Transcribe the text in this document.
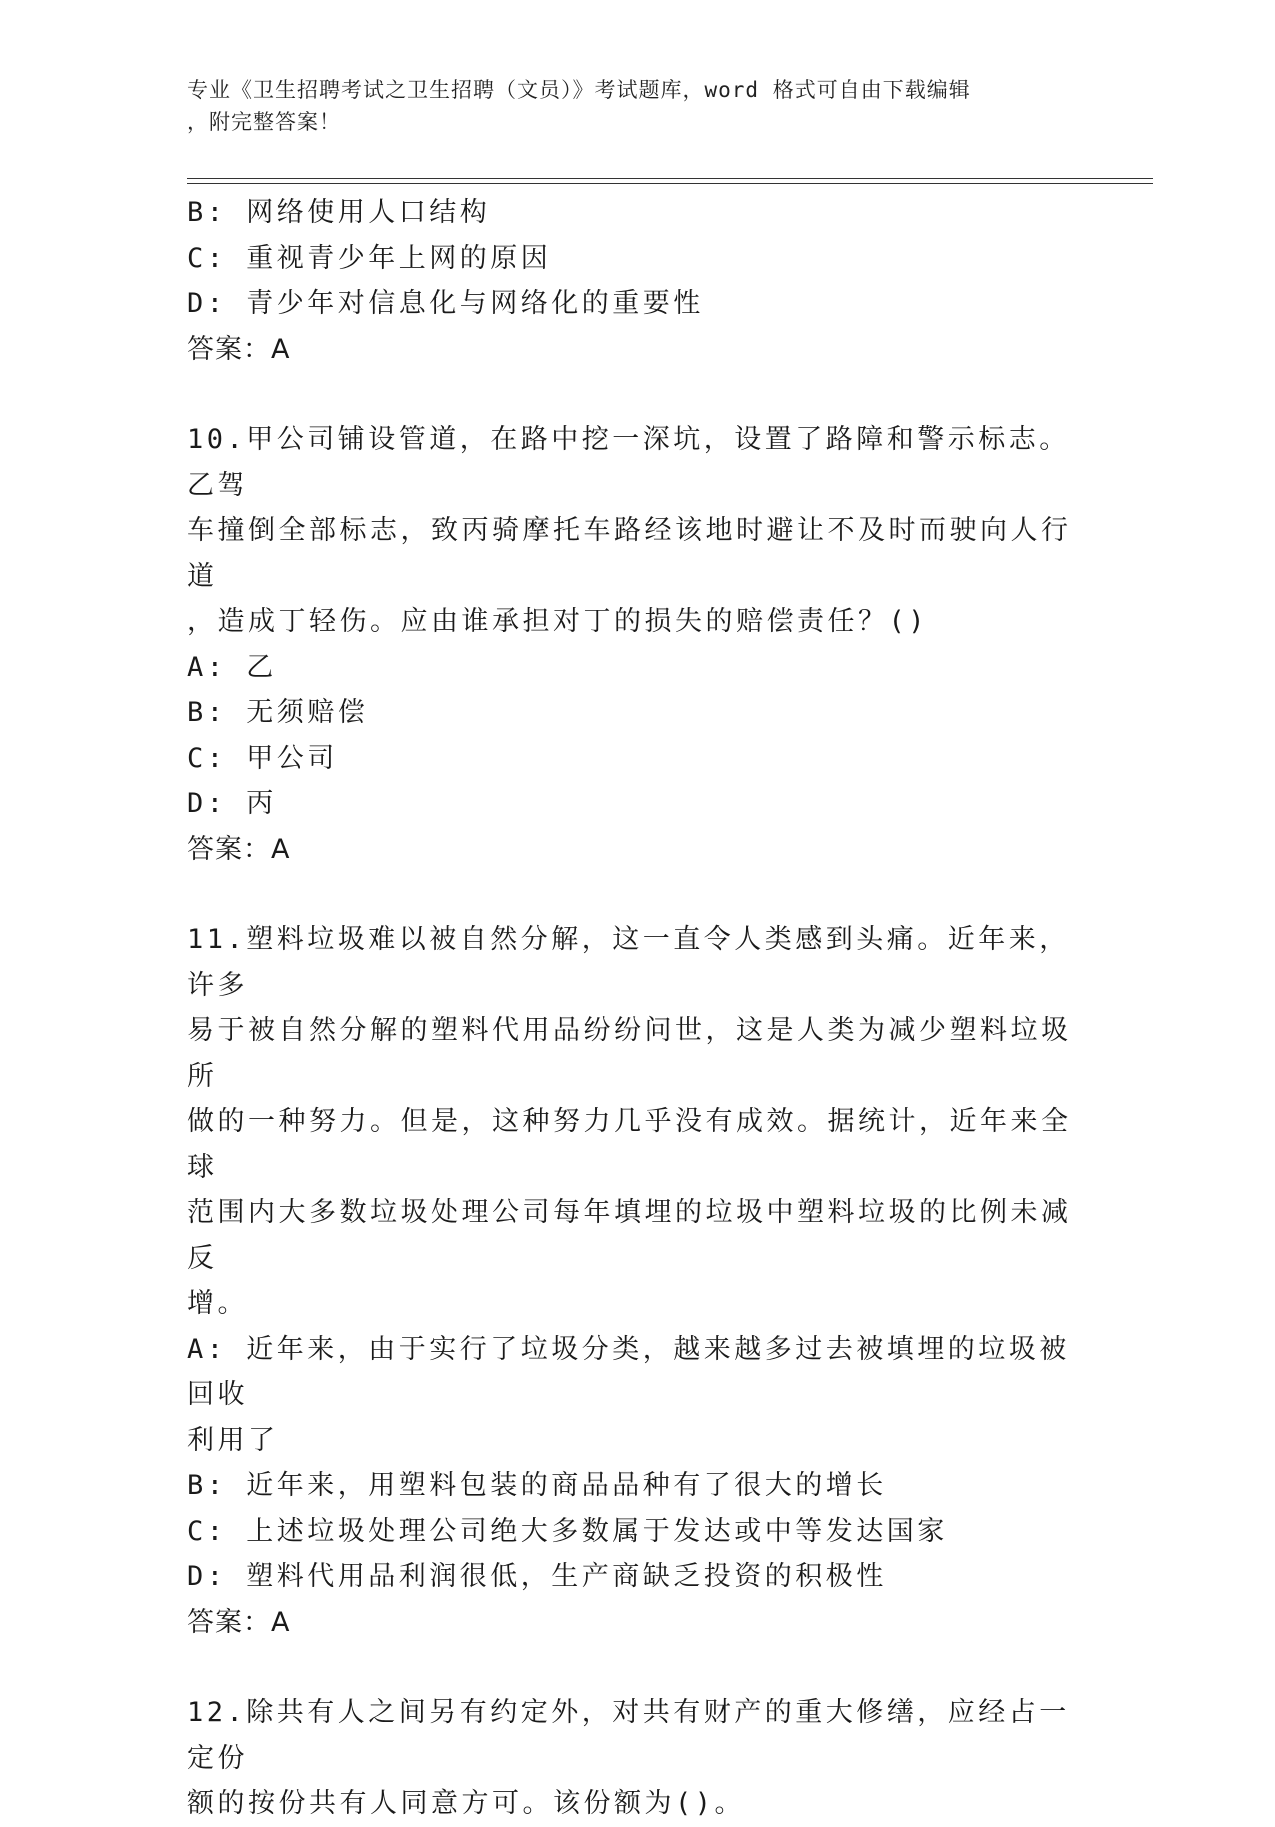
专业《卫生招聘考试之卫生招聘（文员）》考试题库，word 格式可自由下载编辑
，附完整答案！
B: 网络使用人口结构
C: 重视青少年上网的原因
D: 青少年对信息化与网络化的重要性
答案：A
10.甲公司铺设管道，在路中挖一深坑，设置了路障和警示标志。乙驾
车撞倒全部标志，致丙骑摩托车路经该地时避让不及时而驶向人行道
，造成丁轻伤。应由谁承担对丁的损失的赔偿责任？()
A: 乙
B: 无须赔偿
C: 甲公司
D: 丙
答案：A
11.塑料垃圾难以被自然分解，这一直令人类感到头痛。近年来，许多
易于被自然分解的塑料代用品纷纷问世，这是人类为减少塑料垃圾所
做的一种努力。但是，这种努力几乎没有成效。据统计，近年来全球
范围内大多数垃圾处理公司每年填埋的垃圾中塑料垃圾的比例未减反
增。
A: 近年来，由于实行了垃圾分类，越来越多过去被填埋的垃圾被回收
利用了
B: 近年来，用塑料包装的商品品种有了很大的增长
C: 上述垃圾处理公司绝大多数属于发达或中等发达国家
D: 塑料代用品利润很低，生产商缺乏投资的积极性
答案：A
12.除共有人之间另有约定外，对共有财产的重大修缮，应经占一定份
额的按份共有人同意方可。该份额为()。
